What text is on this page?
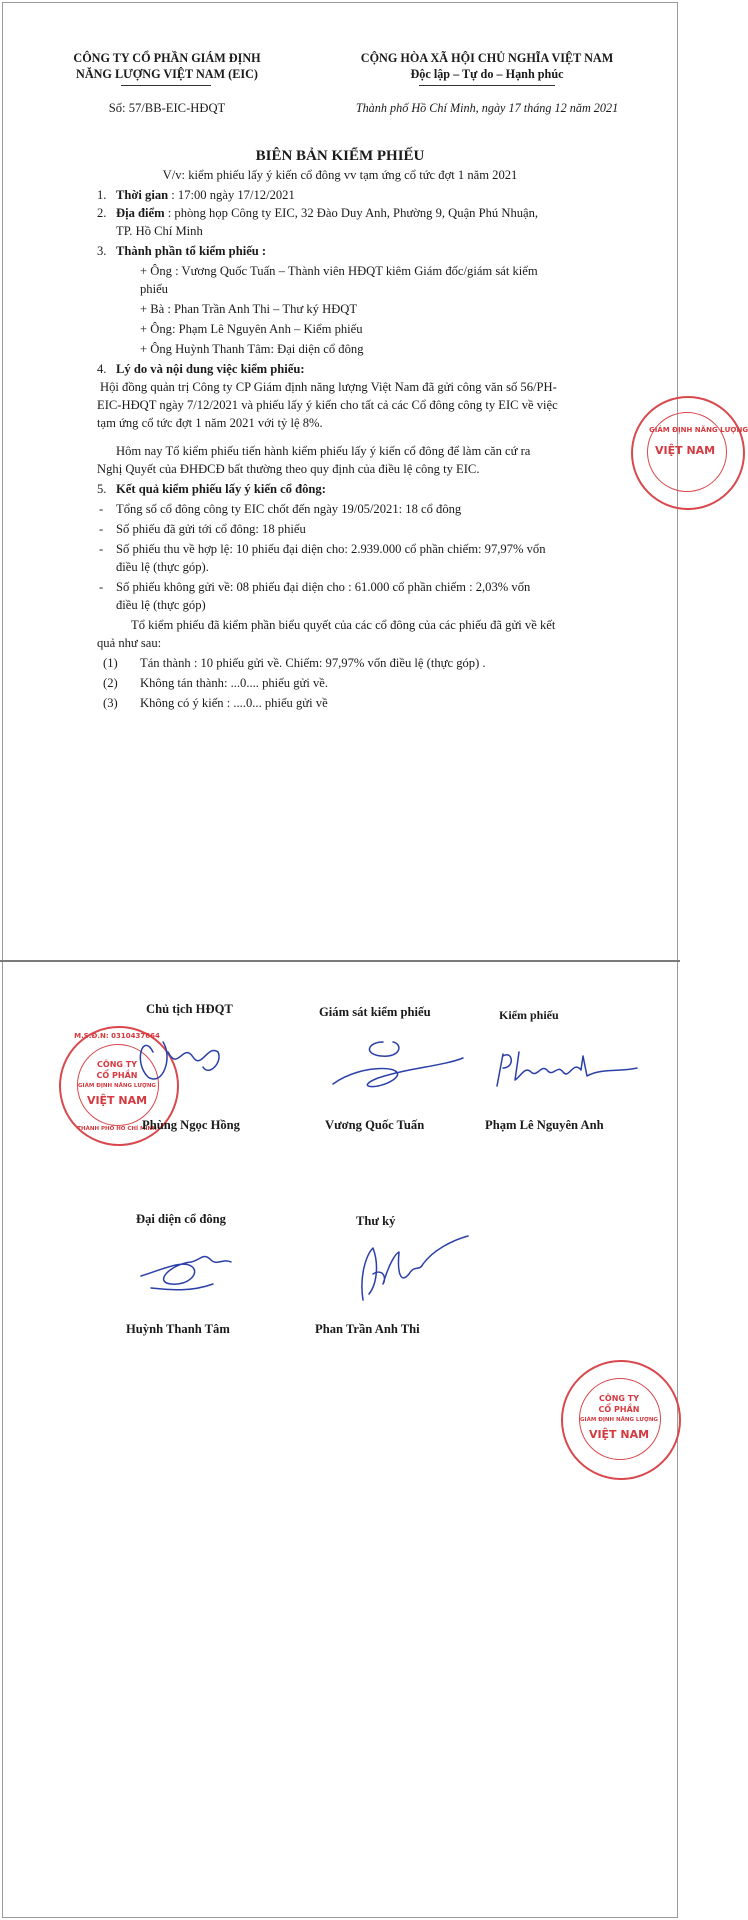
CÔNG TY CỔ PHẦN GIÁM ĐỊNH
NĂNG LƯỢNG VIỆT NAM (EIC)
Số: 57/BB-EIC-HĐQT
CỘNG HÒA XÃ HỘI CHỦ NGHĨA VIỆT NAM
Độc lập – Tự do – Hạnh phúc
Thành phố Hồ Chí Minh, ngày 17 tháng 12 năm 2021
BIÊN BẢN KIỂM PHIẾU
V/v: kiểm phiếu lấy ý kiến cổ đông vv tạm ứng cổ tức đợt 1 năm 2021
1. Thời gian : 17:00 ngày 17/12/2021
2. Địa điểm : phòng họp Công ty EIC, 32 Đào Duy Anh, Phường 9, Quận Phú Nhuận,
TP. Hồ Chí Minh
3. Thành phần tổ kiểm phiếu :
+ Ông : Vương Quốc Tuấn – Thành viên HĐQT kiêm Giám đốc/giám sát kiểm
phiếu
+ Bà : Phan Trần Anh Thi – Thư ký HĐQT
+ Ông: Phạm Lê Nguyên Anh – Kiểm phiếu
+ Ông Huỳnh Thanh Tâm: Đại diện cổ đông
4. Lý do và nội dung việc kiểm phiếu:
Hội đồng quản trị Công ty CP Giám định năng lượng Việt Nam đã gửi công văn số 56/PH-
EIC-HĐQT ngày 7/12/2021 và phiếu lấy ý kiến cho tất cả các Cổ đông công ty EIC về việc
tạm ứng cổ tức đợt 1 năm 2021 với tỷ lệ 8%.
Hôm nay Tổ kiểm phiếu tiến hành kiểm phiếu lấy ý kiến cổ đông để làm căn cứ ra
Nghị Quyết của ĐHĐCĐ bất thường theo quy định của điều lệ công ty EIC.
5. Kết quả kiểm phiếu lấy ý kiến cổ đông:
- Tổng số cổ đông công ty EIC chốt đến ngày 19/05/2021: 18 cổ đông
- Số phiếu đã gửi tới cổ đông: 18 phiếu
- Số phiếu thu về hợp lệ: 10 phiếu đại diện cho: 2.939.000 cổ phần chiếm: 97,97% vốn
điều lệ (thực góp).
- Số phiếu không gửi về: 08 phiếu đại diện cho : 61.000 cổ phần chiếm : 2,03% vốn
điều lệ (thực góp)
Tổ kiểm phiếu đã kiểm phần biểu quyết của các cổ đông của các phiếu đã gửi về kết
quả như sau:
(1) Tán thành : 10 phiếu gửi về. Chiếm: 97,97% vốn điều lệ (thực góp) .
(2) Không tán thành: ...0.... phiếu gửi về.
(3) Không có ý kiến : ....0... phiếu gửi về
GIÁM ĐỊNH NĂNG LƯỢNG
VIỆT NAM
Chủ tịch HĐQT	Giám sát kiểm phiếu	Kiểm phiếu
M.S.Đ.N: 0310437664
CÔNG TY
CỔ PHẦN
GIÁM ĐỊNH NĂNG LƯỢNG
VIỆT NAM
THÀNH PHỐ HỒ CHÍ MINH
Phùng Ngọc Hồng	Vương Quốc Tuấn	Phạm Lê Nguyên Anh
Đại diện cổ đông	Thư ký
Huỳnh Thanh Tâm	Phan Trần Anh Thi
CÔNG TY
CỔ PHẦN
GIÁM ĐỊNH NĂNG LƯỢNG
VIỆT NAM
